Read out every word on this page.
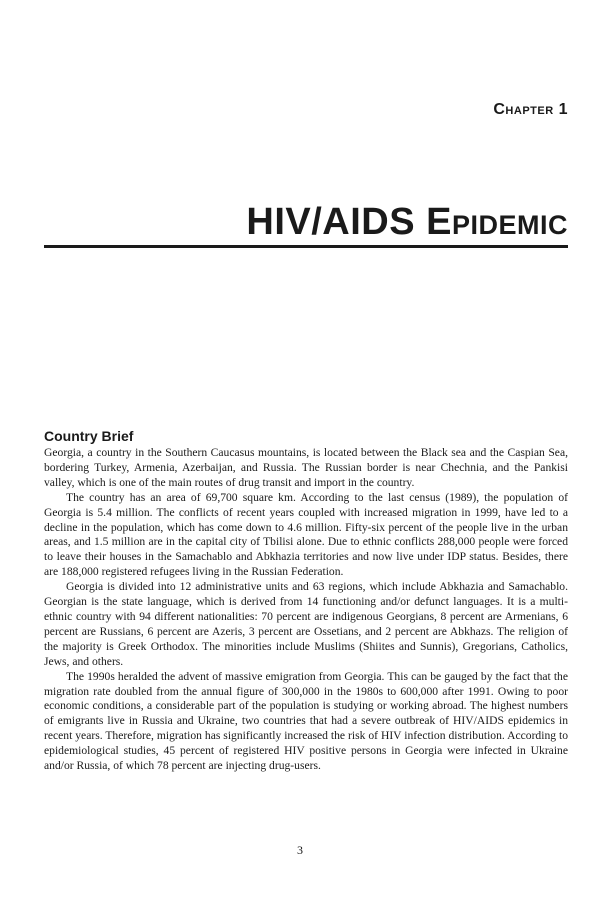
Chapter 1
HIV/AIDS Epidemic
Country Brief

Georgia, a country in the Southern Caucasus mountains, is located between the Black sea and the Caspian Sea, bordering Turkey, Armenia, Azerbaijan, and Russia. The Russian border is near Chechnia, and the Pankisi valley, which is one of the main routes of drug transit and import in the country.

The country has an area of 69,700 square km. According to the last census (1989), the population of Georgia is 5.4 million. The conflicts of recent years coupled with increased migration in 1999, have led to a decline in the population, which has come down to 4.6 million. Fifty-six percent of the people live in the urban areas, and 1.5 million are in the capital city of Tbilisi alone. Due to ethnic conflicts 288,000 people were forced to leave their houses in the Samachablo and Abkhazia territories and now live under IDP status. Besides, there are 188,000 registered refugees living in the Russian Federation.

Georgia is divided into 12 administrative units and 63 regions, which include Abkhazia and Samachablo. Georgian is the state language, which is derived from 14 functioning and/or defunct languages. It is a multi-ethnic country with 94 different nationalities: 70 percent are indigenous Georgians, 8 percent are Armenians, 6 percent are Russians, 6 percent are Azeris, 3 percent are Ossetians, and 2 percent are Abkhazs. The religion of the majority is Greek Orthodox. The minorities include Muslims (Shiites and Sunnis), Gregorians, Catholics, Jews, and others.

The 1990s heralded the advent of massive emigration from Georgia. This can be gauged by the fact that the migration rate doubled from the annual figure of 300,000 in the 1980s to 600,000 after 1991. Owing to poor economic conditions, a considerable part of the population is studying or working abroad. The highest numbers of emigrants live in Russia and Ukraine, two countries that had a severe outbreak of HIV/AIDS epidemics in recent years. Therefore, migration has significantly increased the risk of HIV infection distribution. According to epidemiological studies, 45 percent of registered HIV positive persons in Georgia were infected in Ukraine and/or Russia, of which 78 percent are injecting drug-users.

3
